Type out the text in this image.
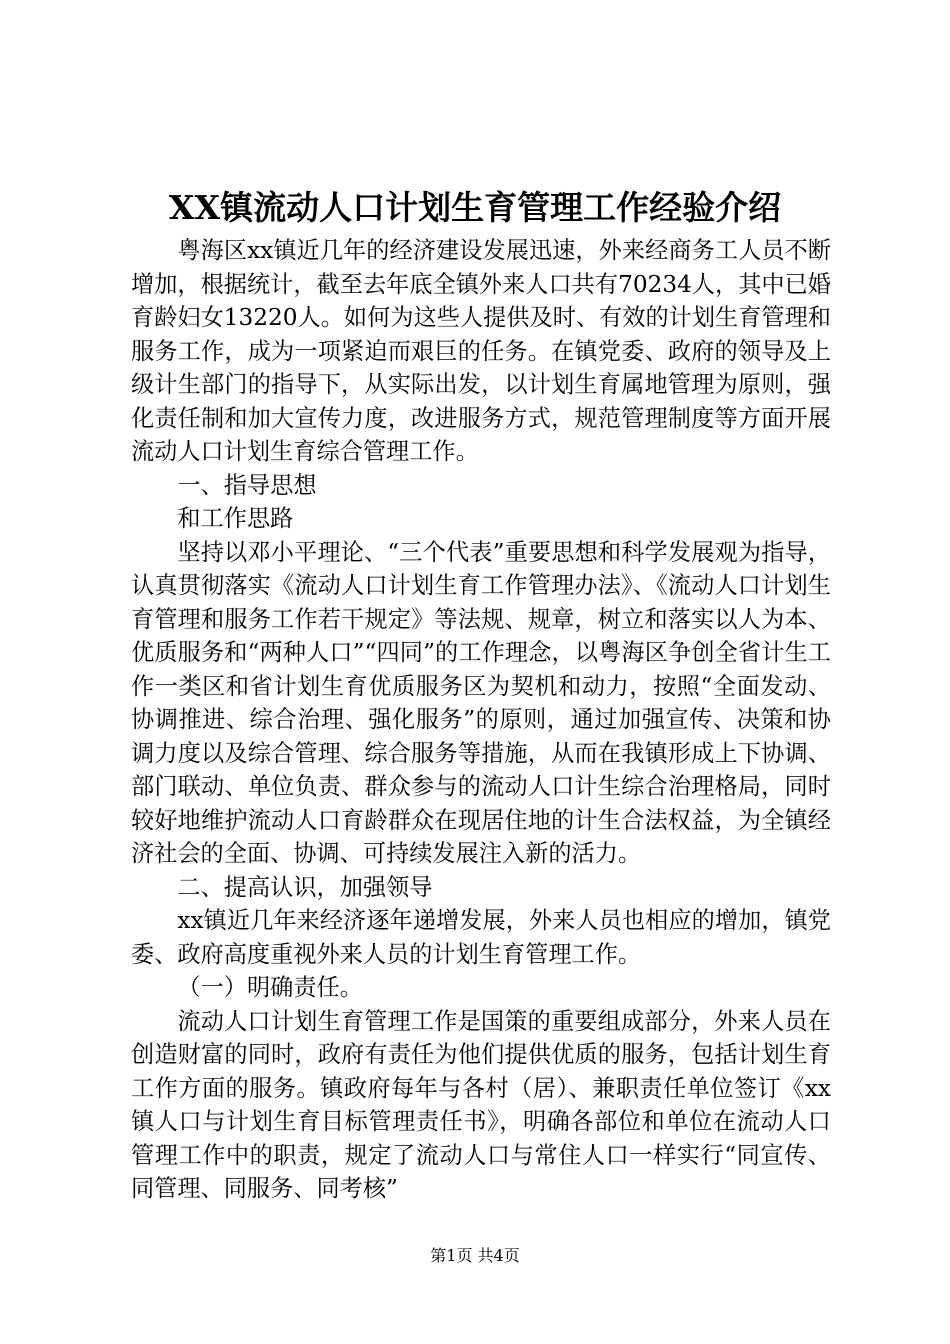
XX镇流动人口计划生育管理工作经验介绍

粤海区xx镇近几年的经济建设发展迅速，外来经商务工人员不断增加，根据统计，截至去年底全镇外来人口共有70234人，其中已婚育龄妇女13220人。如何为这些人提供及时、有效的计划生育管理和服务工作，成为一项紧迫而艰巨的任务。在镇党委、政府的领导及上级计生部门的指导下，从实际出发，以计划生育属地管理为原则，强化责任制和加大宣传力度，改进服务方式，规范管理制度等方面开展流动人口计划生育综合管理工作。

一、指导思想

和工作思路

坚持以邓小平理论、“三个代表”重要思想和科学发展观为指导，认真贯彻落实《流动人口计划生育工作管理办法》、《流动人口计划生育管理和服务工作若干规定》等法规、规章，树立和落实以人为本、优质服务和“两种人口”“四同”的工作理念，以粤海区争创全省计生工作一类区和省计划生育优质服务区为契机和动力，按照“全面发动、协调推进、综合治理、强化服务”的原则，通过加强宣传、决策和协调力度以及综合管理、综合服务等措施，从而在我镇形成上下协调、部门联动、单位负责、群众参与的流动人口计生综合治理格局，同时较好地维护流动人口育龄群众在现居住地的计生合法权益，为全镇经济社会的全面、协调、可持续发展注入新的活力。

二、提高认识，加强领导

xx镇近几年来经济逐年递增发展，外来人员也相应的增加，镇党委、政府高度重视外来人员的计划生育管理工作。

（一）明确责任。

流动人口计划生育管理工作是国策的重要组成部分，外来人员在创造财富的同时，政府有责任为他们提供优质的服务，包括计划生育工作方面的服务。镇政府每年与各村（居）、兼职责任单位签订《xx镇人口与计划生育目标管理责任书》，明确各部位和单位在流动人口管理工作中的职责，规定了流动人口与常住人口一样实行“同宣传、同管理、同服务、同考核”

第1页 共4页
